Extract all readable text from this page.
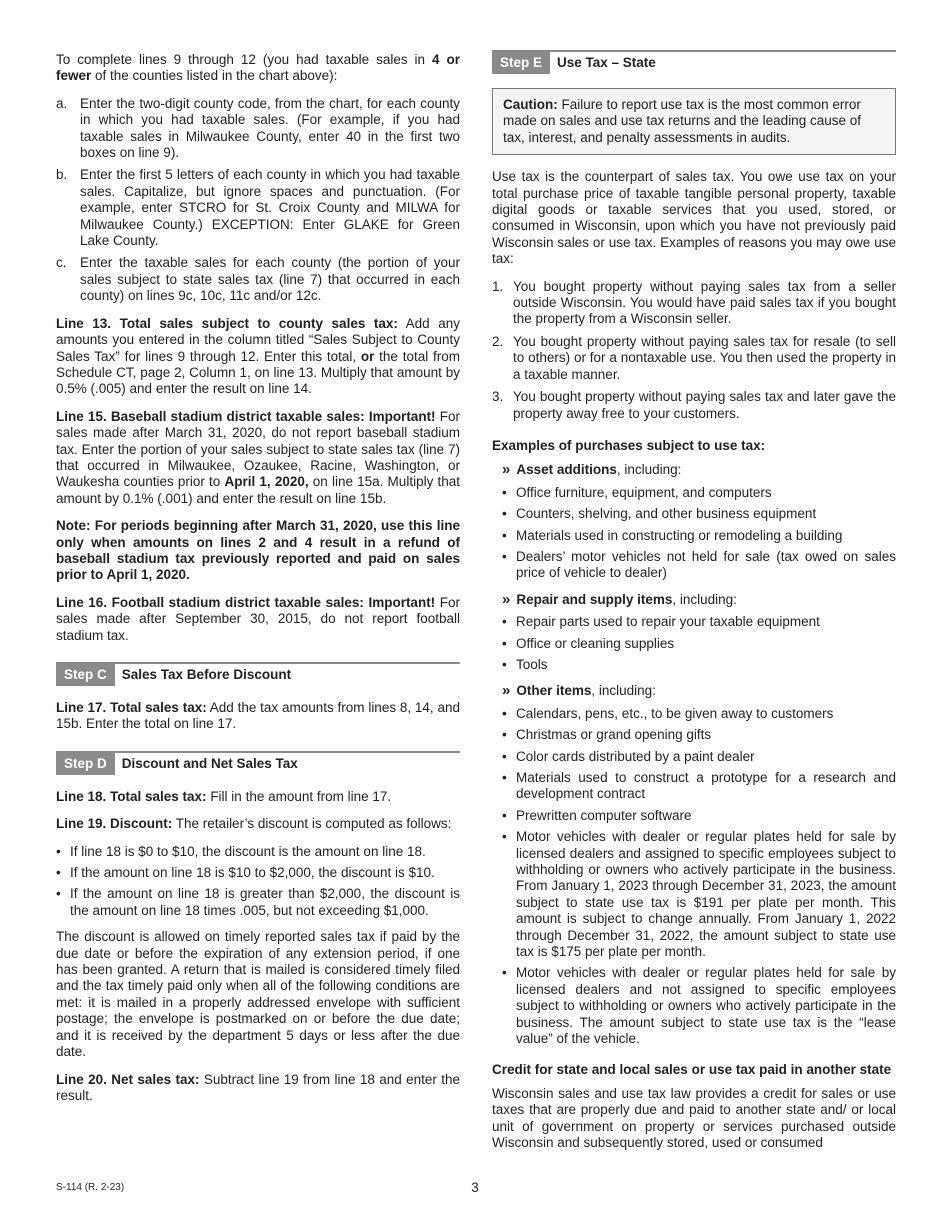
To complete lines 9 through 12 (you had taxable sales in 4 or fewer of the counties listed in the chart above):

a. Enter the two-digit county code, from the chart, for each county in which you had taxable sales. (For example, if you had taxable sales in Milwaukee County, enter 40 in the first two boxes on line 9).
b. Enter the first 5 letters of each county in which you had taxable sales. Capitalize, but ignore spaces and punctuation. (For example, enter STCRO for St. Croix County and MILWA for Milwaukee County.) EXCEPTION: Enter GLAKE for Green Lake County.
c. Enter the taxable sales for each county (the portion of your sales subject to state sales tax (line 7) that occurred in each county) on lines 9c, 10c, 11c and/or 12c.

Line 13. Total sales subject to county sales tax: Add any amounts you entered in the column titled “Sales Subject to County Sales Tax” for lines 9 through 12. Enter this total, or the total from Schedule CT, page 2, Column 1, on line 13. Multiply that amount by 0.5% (.005) and enter the result on line 14.

Line 15. Baseball stadium district taxable sales: Important! For sales made after March 31, 2020, do not report baseball stadium tax. Enter the portion of your sales subject to state sales tax (line 7) that occurred in Milwaukee, Ozaukee, Racine, Washington, or Waukesha counties prior to April 1, 2020, on line 15a. Multiply that amount by 0.1% (.001) and enter the result on line 15b.

Note: For periods beginning after March 31, 2020, use this line only when amounts on lines 2 and 4 result in a refund of baseball stadium tax previously reported and paid on sales prior to April 1, 2020.

Line 16. Football stadium district taxable sales: Important! For sales made after September 30, 2015, do not report football stadium tax.

Step C	Sales Tax Before Discount

Line 17. Total sales tax: Add the tax amounts from lines 8, 14, and 15b. Enter the total on line 17.

Step D	Discount and Net Sales Tax

Line 18. Total sales tax: Fill in the amount from line 17.

Line 19. Discount: The retailer’s discount is computed as follows:

• If line 18 is $0 to $10, the discount is the amount on line 18.
• If the amount on line 18 is $10 to $2,000, the discount is $10.
• If the amount on line 18 is greater than $2,000, the discount is the amount on line 18 times .005, but not exceeding $1,000.

The discount is allowed on timely reported sales tax if paid by the due date or before the expiration of any extension period, if one has been granted. A return that is mailed is considered timely filed and the tax timely paid only when all of the following conditions are met: it is mailed in a properly addressed envelope with sufficient postage; the envelope is postmarked on or before the due date; and it is received by the department 5 days or less after the due date.

Line 20. Net sales tax: Subtract line 19 from line 18 and enter the result.

Step E	Use Tax – State
Caution: Failure to report use tax is the most common error made on sales and use tax returns and the leading cause of tax, interest, and penalty assessments in audits.

Use tax is the counterpart of sales tax. You owe use tax on your total purchase price of taxable tangible personal property, taxable digital goods or taxable services that you used, stored, or consumed in Wisconsin, upon which you have not previously paid Wisconsin sales or use tax. Examples of reasons you may owe use tax:

1. You bought property without paying sales tax from a seller outside Wisconsin. You would have paid sales tax if you bought the property from a Wisconsin seller.
2. You bought property without paying sales tax for resale (to sell to others) or for a nontaxable use. You then used the property in a taxable manner.
3. You bought property without paying sales tax and later gave the property away free to your customers.
Examples of purchases subject to use tax:
» Asset additions, including:
• Office furniture, equipment, and computers
• Counters, shelving, and other business equipment
• Materials used in constructing or remodeling a building
• Dealers’ motor vehicles not held for sale (tax owed on sales price of vehicle to dealer)
» Repair and supply items, including:
• Repair parts used to repair your taxable equipment
• Office or cleaning supplies
• Tools
» Other items, including:
• Calendars, pens, etc., to be given away to customers
• Christmas or grand opening gifts
• Color cards distributed by a paint dealer
• Materials used to construct a prototype for a research and development contract
• Prewritten computer software
• Motor vehicles with dealer or regular plates held for sale by licensed dealers and assigned to specific employees subject to withholding or owners who actively participate in the business. From January 1, 2023 through December 31, 2023, the amount subject to state use tax is $191 per plate per month. This amount is subject to change annually. From January 1, 2022 through December 31, 2022, the amount subject to state use tax is $175 per plate per month.
• Motor vehicles with dealer or regular plates held for sale by licensed dealers and not assigned to specific employees subject to withholding or owners who actively participate in the business. The amount subject to state use tax is the “lease value” of the vehicle.
Credit for state and local sales or use tax paid in another state

Wisconsin sales and use tax law provides a credit for sales or use taxes that are properly due and paid to another state and/ or local unit of government on property or services purchased outside Wisconsin and subsequently stored, used or consumed

S-114 (R. 2-23)	3
